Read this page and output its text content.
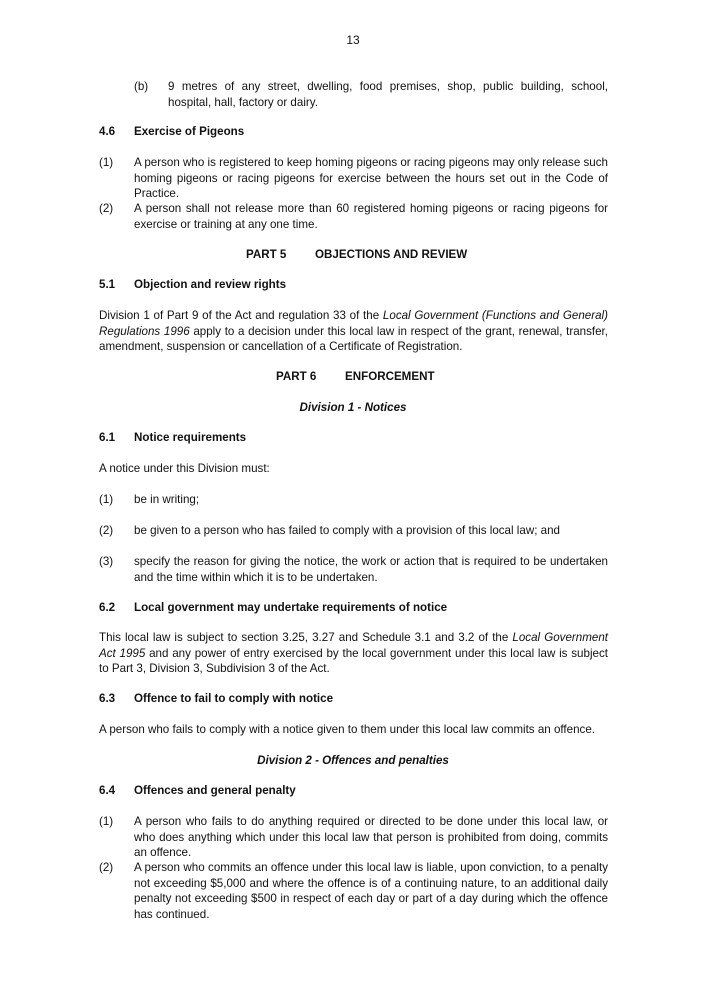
13
(b) 9 metres of any street, dwelling, food premises, shop, public building, school, hospital, hall, factory or dairy.
4.6 Exercise of Pigeons
(1) A person who is registered to keep homing pigeons or racing pigeons may only release such homing pigeons or racing pigeons for exercise between the hours set out in the Code of Practice.
(2) A person shall not release more than 60 registered homing pigeons or racing pigeons for exercise or training at any one time.
PART 5 OBJECTIONS AND REVIEW
5.1 Objection and review rights
Division 1 of Part 9 of the Act and regulation 33 of the Local Government (Functions and General) Regulations 1996 apply to a decision under this local law in respect of the grant, renewal, transfer, amendment, suspension or cancellation of a Certificate of Registration.
PART 6 ENFORCEMENT
Division 1 - Notices
6.1 Notice requirements
A notice under this Division must:
(1) be in writing;
(2) be given to a person who has failed to comply with a provision of this local law; and
(3) specify the reason for giving the notice, the work or action that is required to be undertaken and the time within which it is to be undertaken.
6.2 Local government may undertake requirements of notice
This local law is subject to section 3.25, 3.27 and Schedule 3.1 and 3.2 of the Local Government Act 1995 and any power of entry exercised by the local government under this local law is subject to Part 3, Division 3, Subdivision 3 of the Act.
6.3 Offence to fail to comply with notice
A person who fails to comply with a notice given to them under this local law commits an offence.
Division 2 - Offences and penalties
6.4 Offences and general penalty
(1) A person who fails to do anything required or directed to be done under this local law, or who does anything which under this local law that person is prohibited from doing, commits an offence.
(2) A person who commits an offence under this local law is liable, upon conviction, to a penalty not exceeding $5,000 and where the offence is of a continuing nature, to an additional daily penalty not exceeding $500 in respect of each day or part of a day during which the offence has continued.
